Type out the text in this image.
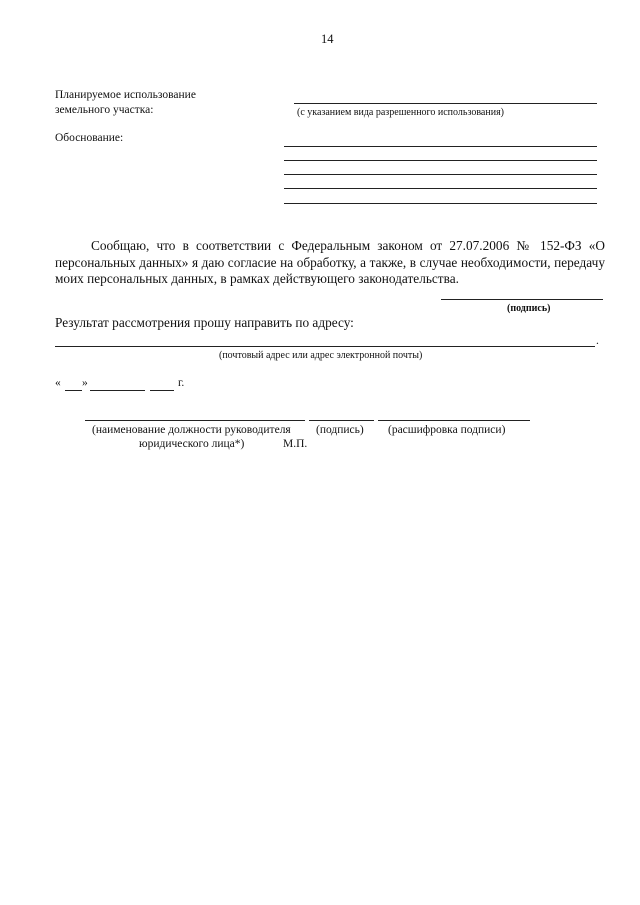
14
Планируемое использование
земельного участка:	(с указанием вида разрешенного использования)
Обоснование:
Сообщаю, что в соответствии с Федеральным законом от 27.07.2006 № 152-ФЗ «О персональных данных» я даю согласие на обработку, а также, в случае необходимости, передачу моих персональных данных, в рамках действующего законодательства.
(подпись)
Результат рассмотрения прошу направить по адресу:
.
(почтовый адрес или адрес электронной почты)
« »	г.
(наименование должности руководителя (подпись) (расшифровка подписи)
юридического лица*)	М.П.
